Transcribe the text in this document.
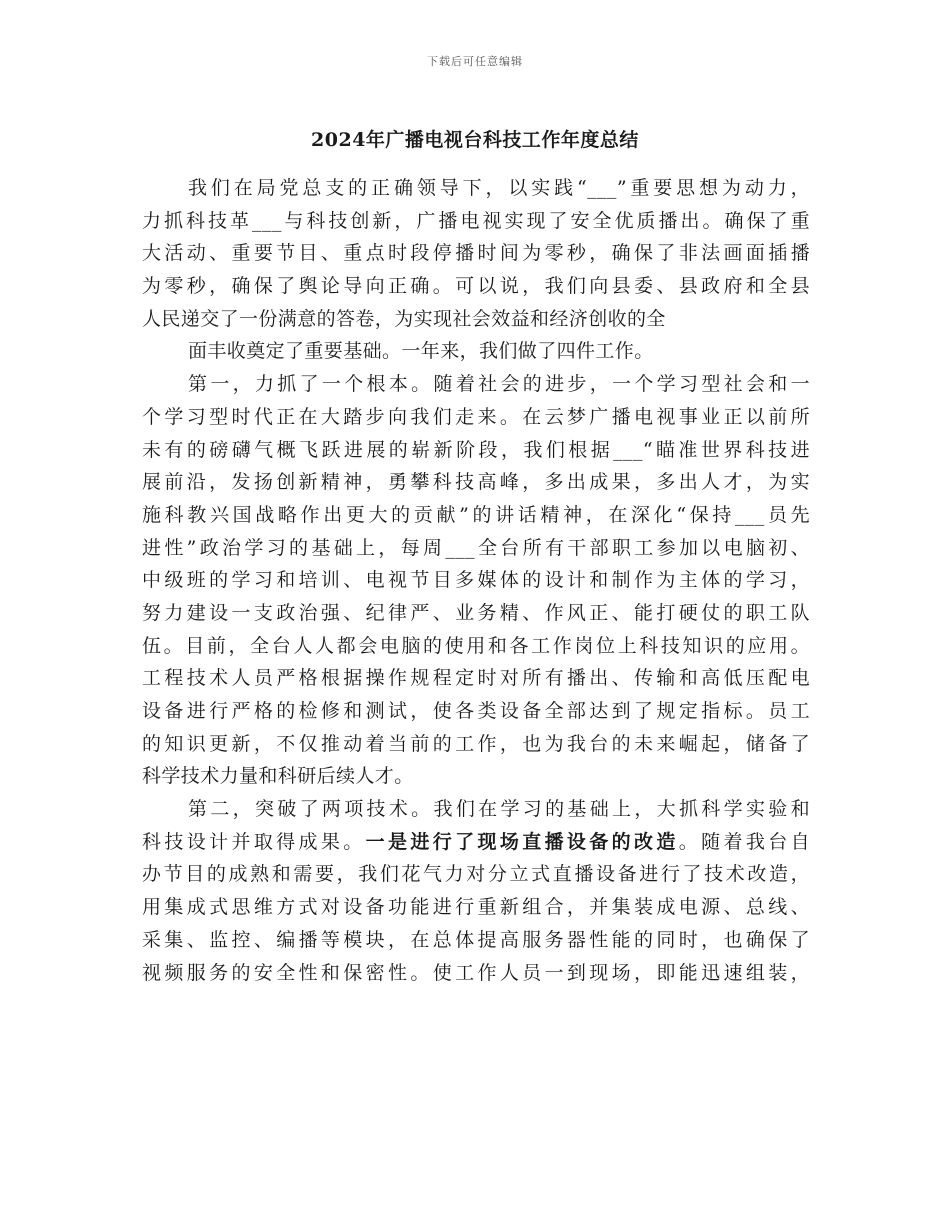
下载后可任意编辑
2024年广播电视台科技工作年度总结
我们在局党总支的正确领导下，以实践“___”重要思想为动力，
力抓科技革___与科技创新，广播电视实现了安全优质播出。确保了重
大活动、重要节目、重点时段停播时间为零秒，确保了非法画面插播
为零秒，确保了舆论导向正确。可以说，我们向县委、县政府和全县
人民递交了一份满意的答卷，为实现社会效益和经济创收的全
面丰收奠定了重要基础。一年来，我们做了四件工作。
第一，力抓了一个根本。随着社会的进步，一个学习型社会和一
个学习型时代正在大踏步向我们走来。在云梦广播电视事业正以前所
未有的磅礴气概飞跃进展的崭新阶段，我们根据___“瞄准世界科技进
展前沿，发扬创新精神，勇攀科技高峰，多出成果，多出人才，为实
施科教兴国战略作出更大的贡献”的讲话精神，在深化“保持___员先
进性”政治学习的基础上，每周___全台所有干部职工参加以电脑初、
中级班的学习和培训、电视节目多媒体的设计和制作为主体的学习，
努力建设一支政治强、纪律严、业务精、作风正、能打硬仗的职工队
伍。目前，全台人人都会电脑的使用和各工作岗位上科技知识的应用。
工程技术人员严格根据操作规程定时对所有播出、传输和高低压配电
设备进行严格的检修和测试，使各类设备全部达到了规定指标。员工
的知识更新，不仅推动着当前的工作，也为我台的未来崛起，储备了
科学技术力量和科研后续人才。
第二，突破了两项技术。我们在学习的基础上，大抓科学实验和
科技设计并取得成果。一是进行了现场直播设备的改造。随着我台自
办节目的成熟和需要，我们花气力对分立式直播设备进行了技术改造，
用集成式思维方式对设备功能进行重新组合，并集装成电源、总线、
采集、监控、编播等模块，在总体提高服务器性能的同时，也确保了
视频服务的安全性和保密性。使工作人员一到现场，即能迅速组装，
